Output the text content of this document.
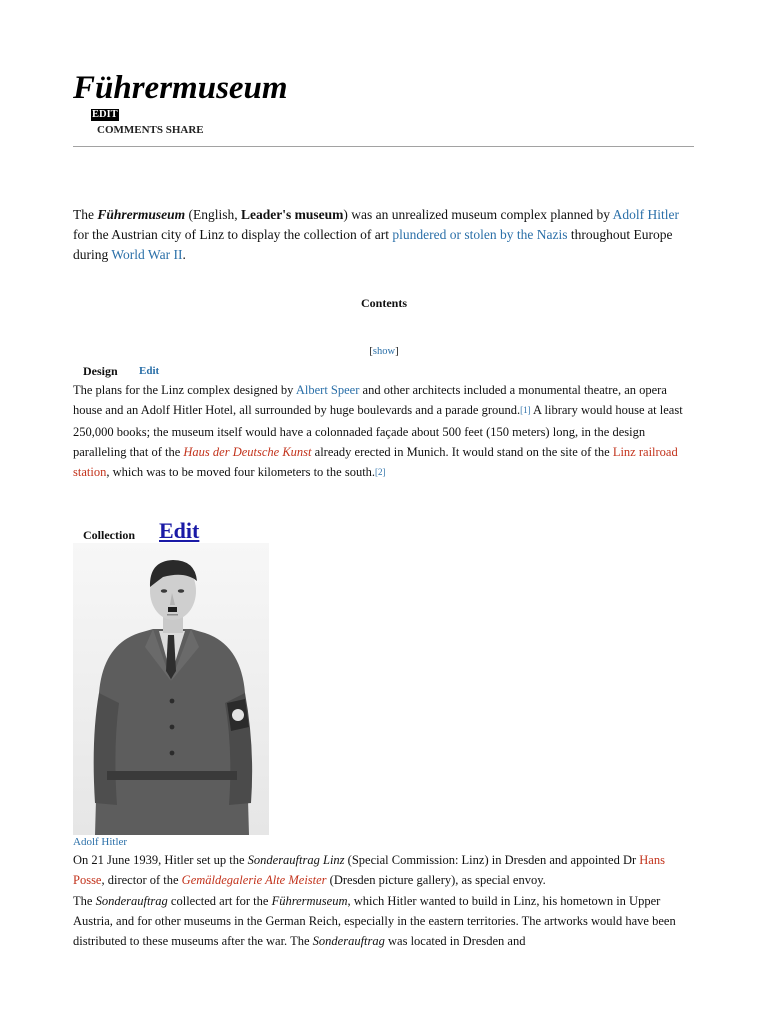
Führermuseum
EDIT
COMMENTS SHARE

The Führermuseum (English, Leader's museum) was an unrealized museum complex planned by Adolf Hitler for the Austrian city of Linz to display the collection of art plundered or stolen by the Nazis throughout Europe during World War II.

Contents
[show]
Design Edit

The plans for the Linz complex designed by Albert Speer and other architects included a monumental theatre, an opera house and an Adolf Hitler Hotel, all surrounded by huge boulevards and a parade ground.[1] A library would house at least 250,000 books; the museum itself would have a colonnaded façade about 500 feet (150 meters) long, in the design paralleling that of the Haus der Deutsche Kunst already erected in Munich. It would stand on the site of the Linz railroad station, which was to be moved four kilometers to the south.[2]

Collection Edit
Adolf Hitler

On 21 June 1939, Hitler set up the Sonderauftrag Linz (Special Commission: Linz) in Dresden and appointed Dr Hans Posse, director of the Gemäldegalerie Alte Meister (Dresden picture gallery), as special envoy.

The Sonderauftrag collected art for the Führermuseum, which Hitler wanted to build in Linz, his hometown in Upper Austria, and for other museums in the German Reich, especially in the eastern territories. The artworks would have been distributed to these museums after the war. The Sonderauftrag was located in Dresden and
